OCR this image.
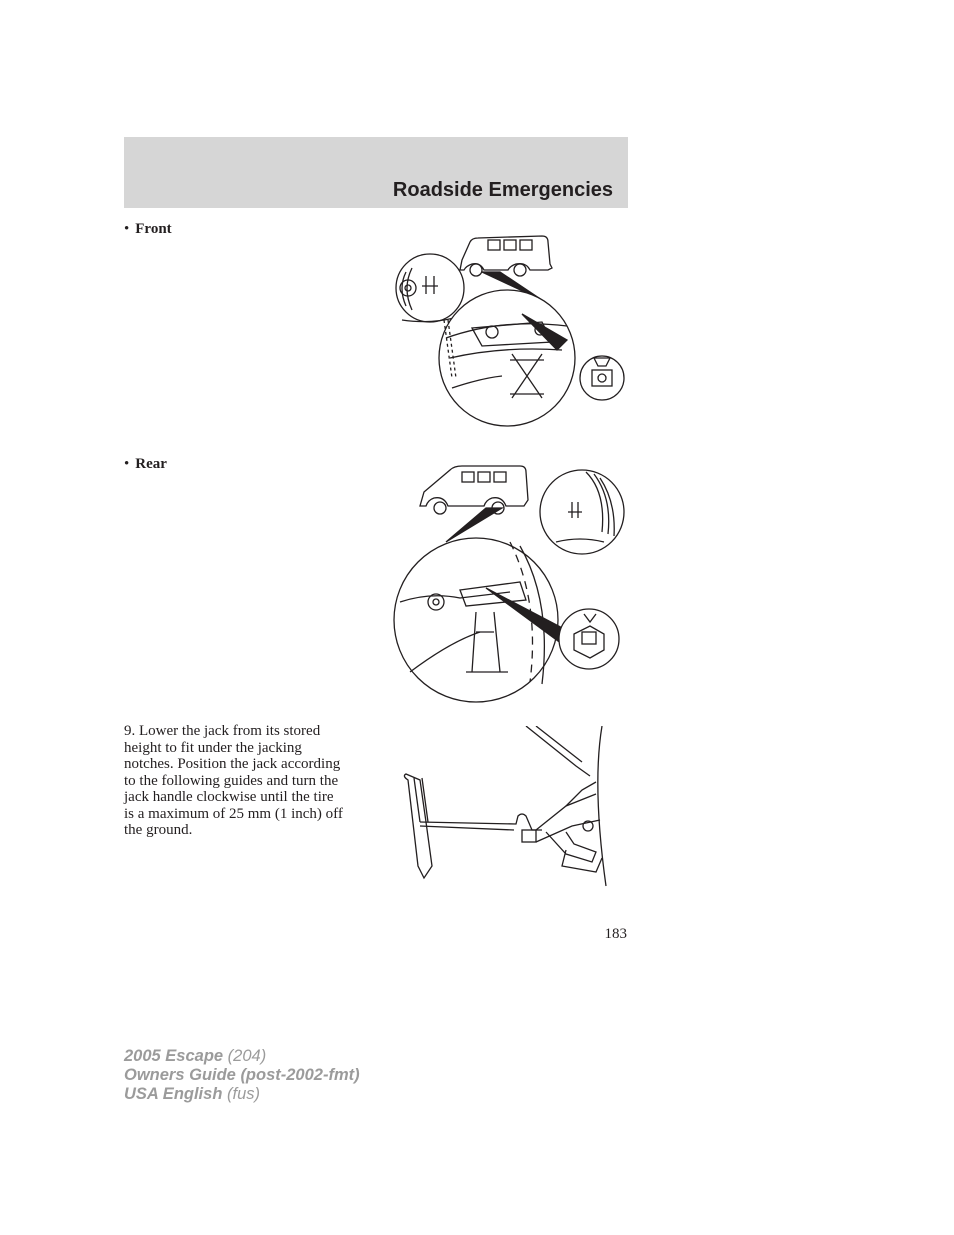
Roadside Emergencies
• Front
• Rear
9. Lower the jack from its stored
height to fit under the jacking
notches. Position the jack according
to the following guides and turn the
jack handle clockwise until the tire
is a maximum of 25 mm (1 inch) off
the ground.
183
2005 Escape (204)
Owners Guide (post-2002-fmt)
USA English (fus)
